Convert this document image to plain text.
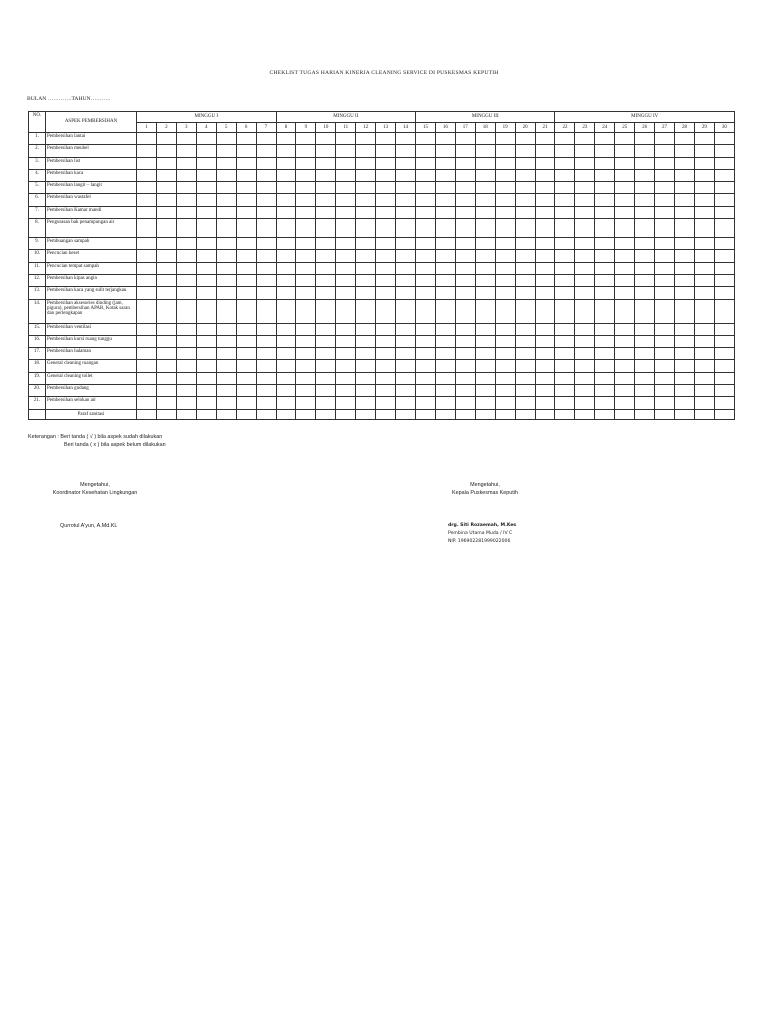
CHEKLIST TUGAS HARIAN KINERJA CLEANING SERVICE DI PUSKESMAS KEPUTIH
BULAN ………….TAHUN………..
NO.	ASPEK PEMBERSIHAN	MINGGU I							MINGGU II							MINGGU III							MINGGU IV								
		1	2	3	4	5	6	7	8	9	10	11	12	13	14	15	16	17	18	19	20	21	22	23	24	25	26	27	28	29	30
1.	Pembersihan lantai																														
2.	Pembersihan meubel																														
3.	Pembersihan list																														
4.	Pembersihan kaca																														
5.	Pembersihan langit – langit																														
6.	Pembersihan wastafel																														
7.	Pembersihan Kamar mandi																														
8.	Pengurasan bak penampungan air																														
9.	Pembuangan sampah																														
10.	Pencucian keset																														
11.	Pencucian tempat sampah																														
12.	Pembersihan kipas angin																														
13.	Pembersihan kaca yang sulit terjangkau																														
14.	Pembersihan aksesories dinding (jam, pigura), pembersihan APAR, Kotak saran dan perlengkapan																														
15.	Pembersihan ventilasi																														
16.	Pembersihan kursi ruang tunggu																														
17.	Pembersihan halaman																														
18.	General cleaning ruangan																														
19.	General cleaning toilet																														
20.	Pembersihan gudang																														
21.	Pembersihan selokan air																														
	Paraf sanitasi																														
Keterangan : Beri tanda ( √ ) bila aspek sudah dilakukan
Beri tanda ( x ) bila aspek belum dilakukan
Mengetahui,
Koordinator Kesehatan Lingkungan
Qurrotul A'yun, A.Md.KL
Mengetahui,
Kepala Puskesmas Keputih
drg. Siti Rozaemah, M.Kes
Pembina Utama Muda / IV C
NIP. 196902281999022006
